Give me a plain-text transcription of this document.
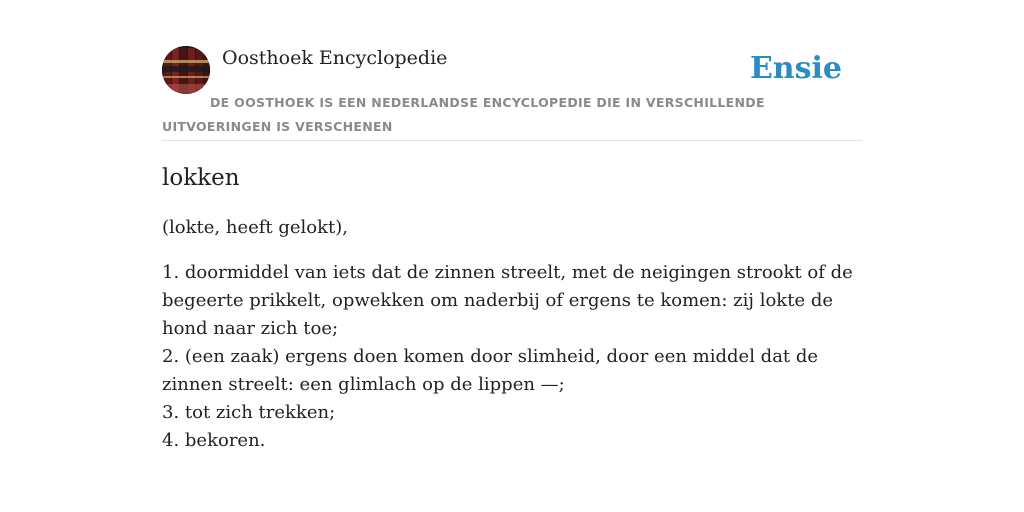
Oosthoek Encyclopedie	Ensie
DE OOSTHOEK IS EEN NEDERLANDSE ENCYCLOPEDIE DIE IN VERSCHILLENDE UITVOERINGEN IS VERSCHENEN
lokken

(lokte, heeft gelokt),

1. doormiddel van iets dat de zinnen streelt, met de neigingen strookt of de begeerte prikkelt, opwekken om naderbij of ergens te komen: zij lokte de hond naar zich toe;
2. (een zaak) ergens doen komen door slimheid, door een middel dat de zinnen streelt: een glimlach op de lippen —;
3. tot zich trekken;
4. bekoren.
